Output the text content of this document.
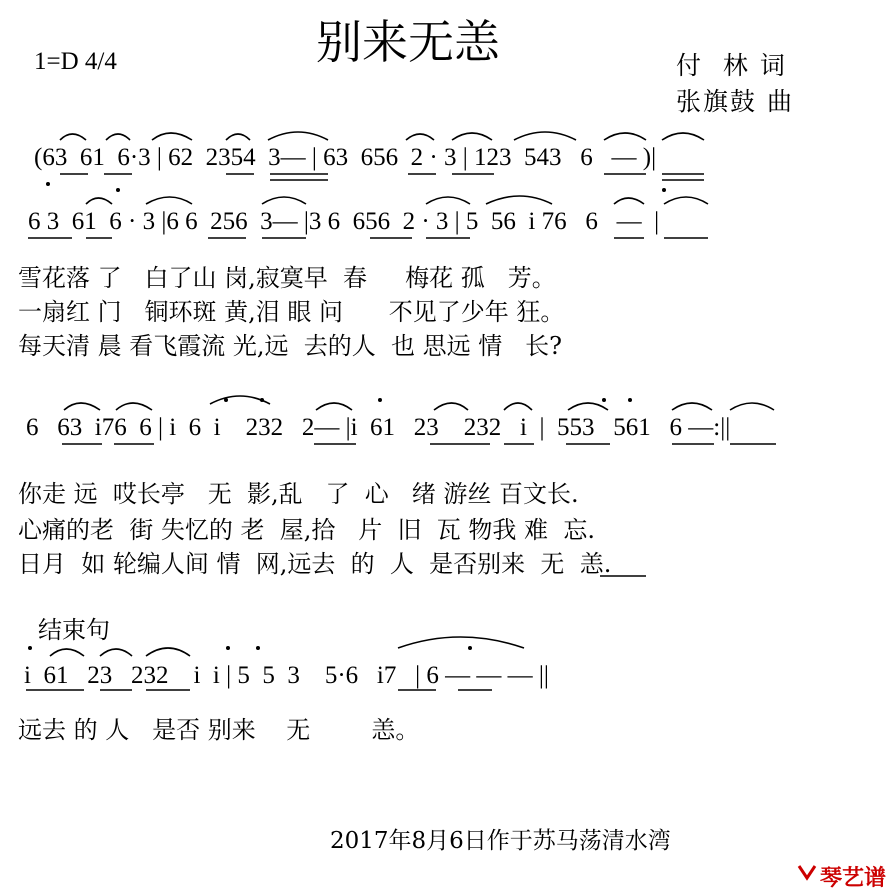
别来无恙
1=D 4/4	付  林 词
张旗鼓 曲
(63  61  6·3 | 62  2354  3— | 63  656  2 · 3 | 123  543   6   — )|
6 3  61  6 · 3 |6 6  256  3— |3 6  656  2 · 3 | 5  56  i 76   6   —  |
雪花落 了   白了山 岗,寂寞早  春     梅花 孤   芳。
一扇红 门   铜环斑 黄,泪 眼 问      不见了少年 狂。
每天清 晨 看飞霞流 光,远  去的人  也 思远 情   长?
6   63  i76  6 | i  6  i    232   2— |i  61   23    232   i  |  553   561   6 —:||
你走 远  哎长亭   无  影,乱   了  心   绪 游丝 百文长.
心痛的老  街 失忆的 老  屋,拾   片  旧  瓦 物我 难  忘.
日月  如 轮编人间 情  网,远去  的  人  是否别来  无  恙.
结束句
i  61   23   232    i  i | 5  5  3    5·6   i7   | 6 — — — ||
远去 的 人   是否 别来    无        恙。
2017年8月6日作于苏马荡清水湾
琴艺谱
